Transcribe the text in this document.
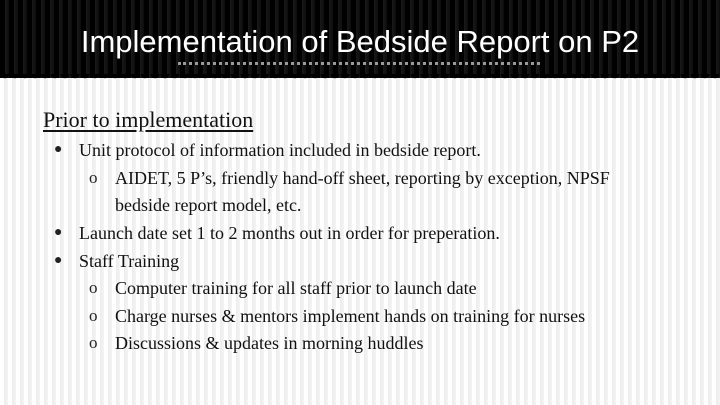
Implementation of Bedside Report on P2
Prior to implementation
● Unit protocol of information included in bedside report.
o AIDET, 5 P’s, friendly hand-off sheet, reporting by exception, NPSF
bedside report model, etc.
● Launch date set 1 to 2 months out in order for preperation.
● Staff Training
o Computer training for all staff prior to launch date
o Charge nurses & mentors implement hands on training for nurses
o Discussions & updates in morning huddles
